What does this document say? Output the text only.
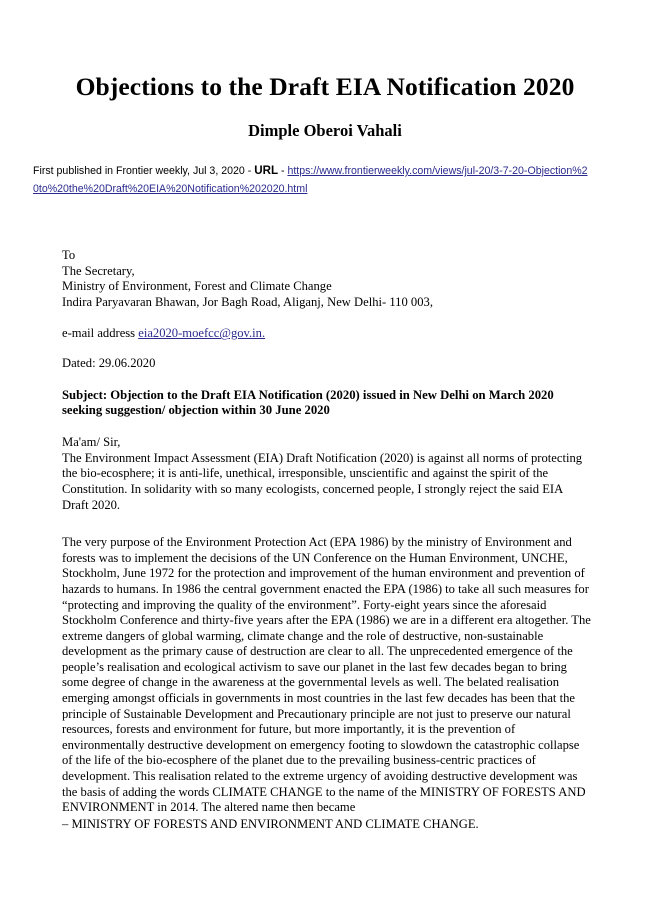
Objections to the Draft EIA Notification 2020
Dimple Oberoi Vahali
First published in Frontier weekly, Jul 3, 2020 - URL - https://www.frontierweekly.com/views/jul-20/3-7-20-Objection%20to%20the%20Draft%20EIA%20Notification%202020.html
To
The Secretary,
Ministry of Environment, Forest and Climate Change
Indira Paryavaran Bhawan, Jor Bagh Road, Aliganj, New Delhi- 110 003,
e-mail address eia2020-moefcc@gov.in.
Dated: 29.06.2020
Subject: Objection to the Draft EIA Notification (2020) issued in New Delhi on March 2020 seeking suggestion/ objection within 30 June 2020
Ma'am/ Sir,
The Environment Impact Assessment (EIA) Draft Notification (2020) is against all norms of protecting the bio-ecosphere; it is anti-life, unethical, irresponsible, unscientific and against the spirit of the Constitution. In solidarity with so many ecologists, concerned people, I strongly reject the said EIA Draft 2020.
The very purpose of the Environment Protection Act (EPA 1986) by the ministry of Environment and forests was to implement the decisions of the UN Conference on the Human Environment, UNCHE, Stockholm, June 1972 for the protection and improvement of the human environment and prevention of hazards to humans. In 1986 the central government enacted the EPA (1986) to take all such measures for “protecting and improving the quality of the environment”. Forty-eight years since the aforesaid Stockholm Conference and thirty-five years after the EPA (1986) we are in a different era altogether. The extreme dangers of global warming, climate change and the role of destructive, non-sustainable development as the primary cause of destruction are clear to all. The unprecedented emergence of the people’s realisation and ecological activism to save our planet in the last few decades began to bring some degree of change in the awareness at the governmental levels as well. The belated realisation emerging amongst officials in governments in most countries in the last few decades has been that the principle of Sustainable Development and Precautionary principle are not just to preserve our natural resources, forests and environment for future, but more importantly, it is the prevention of environmentally destructive development on emergency footing to slowdown the catastrophic collapse of the life of the bio-ecosphere of the planet due to the prevailing business-centric practices of development. This realisation related to the extreme urgency of avoiding destructive development was the basis of adding the words CLIMATE CHANGE to the name of the MINISTRY OF FORESTS AND ENVIRONMENT in 2014. The altered name then became
– MINISTRY OF FORESTS AND ENVIRONMENT AND CLIMATE CHANGE.
